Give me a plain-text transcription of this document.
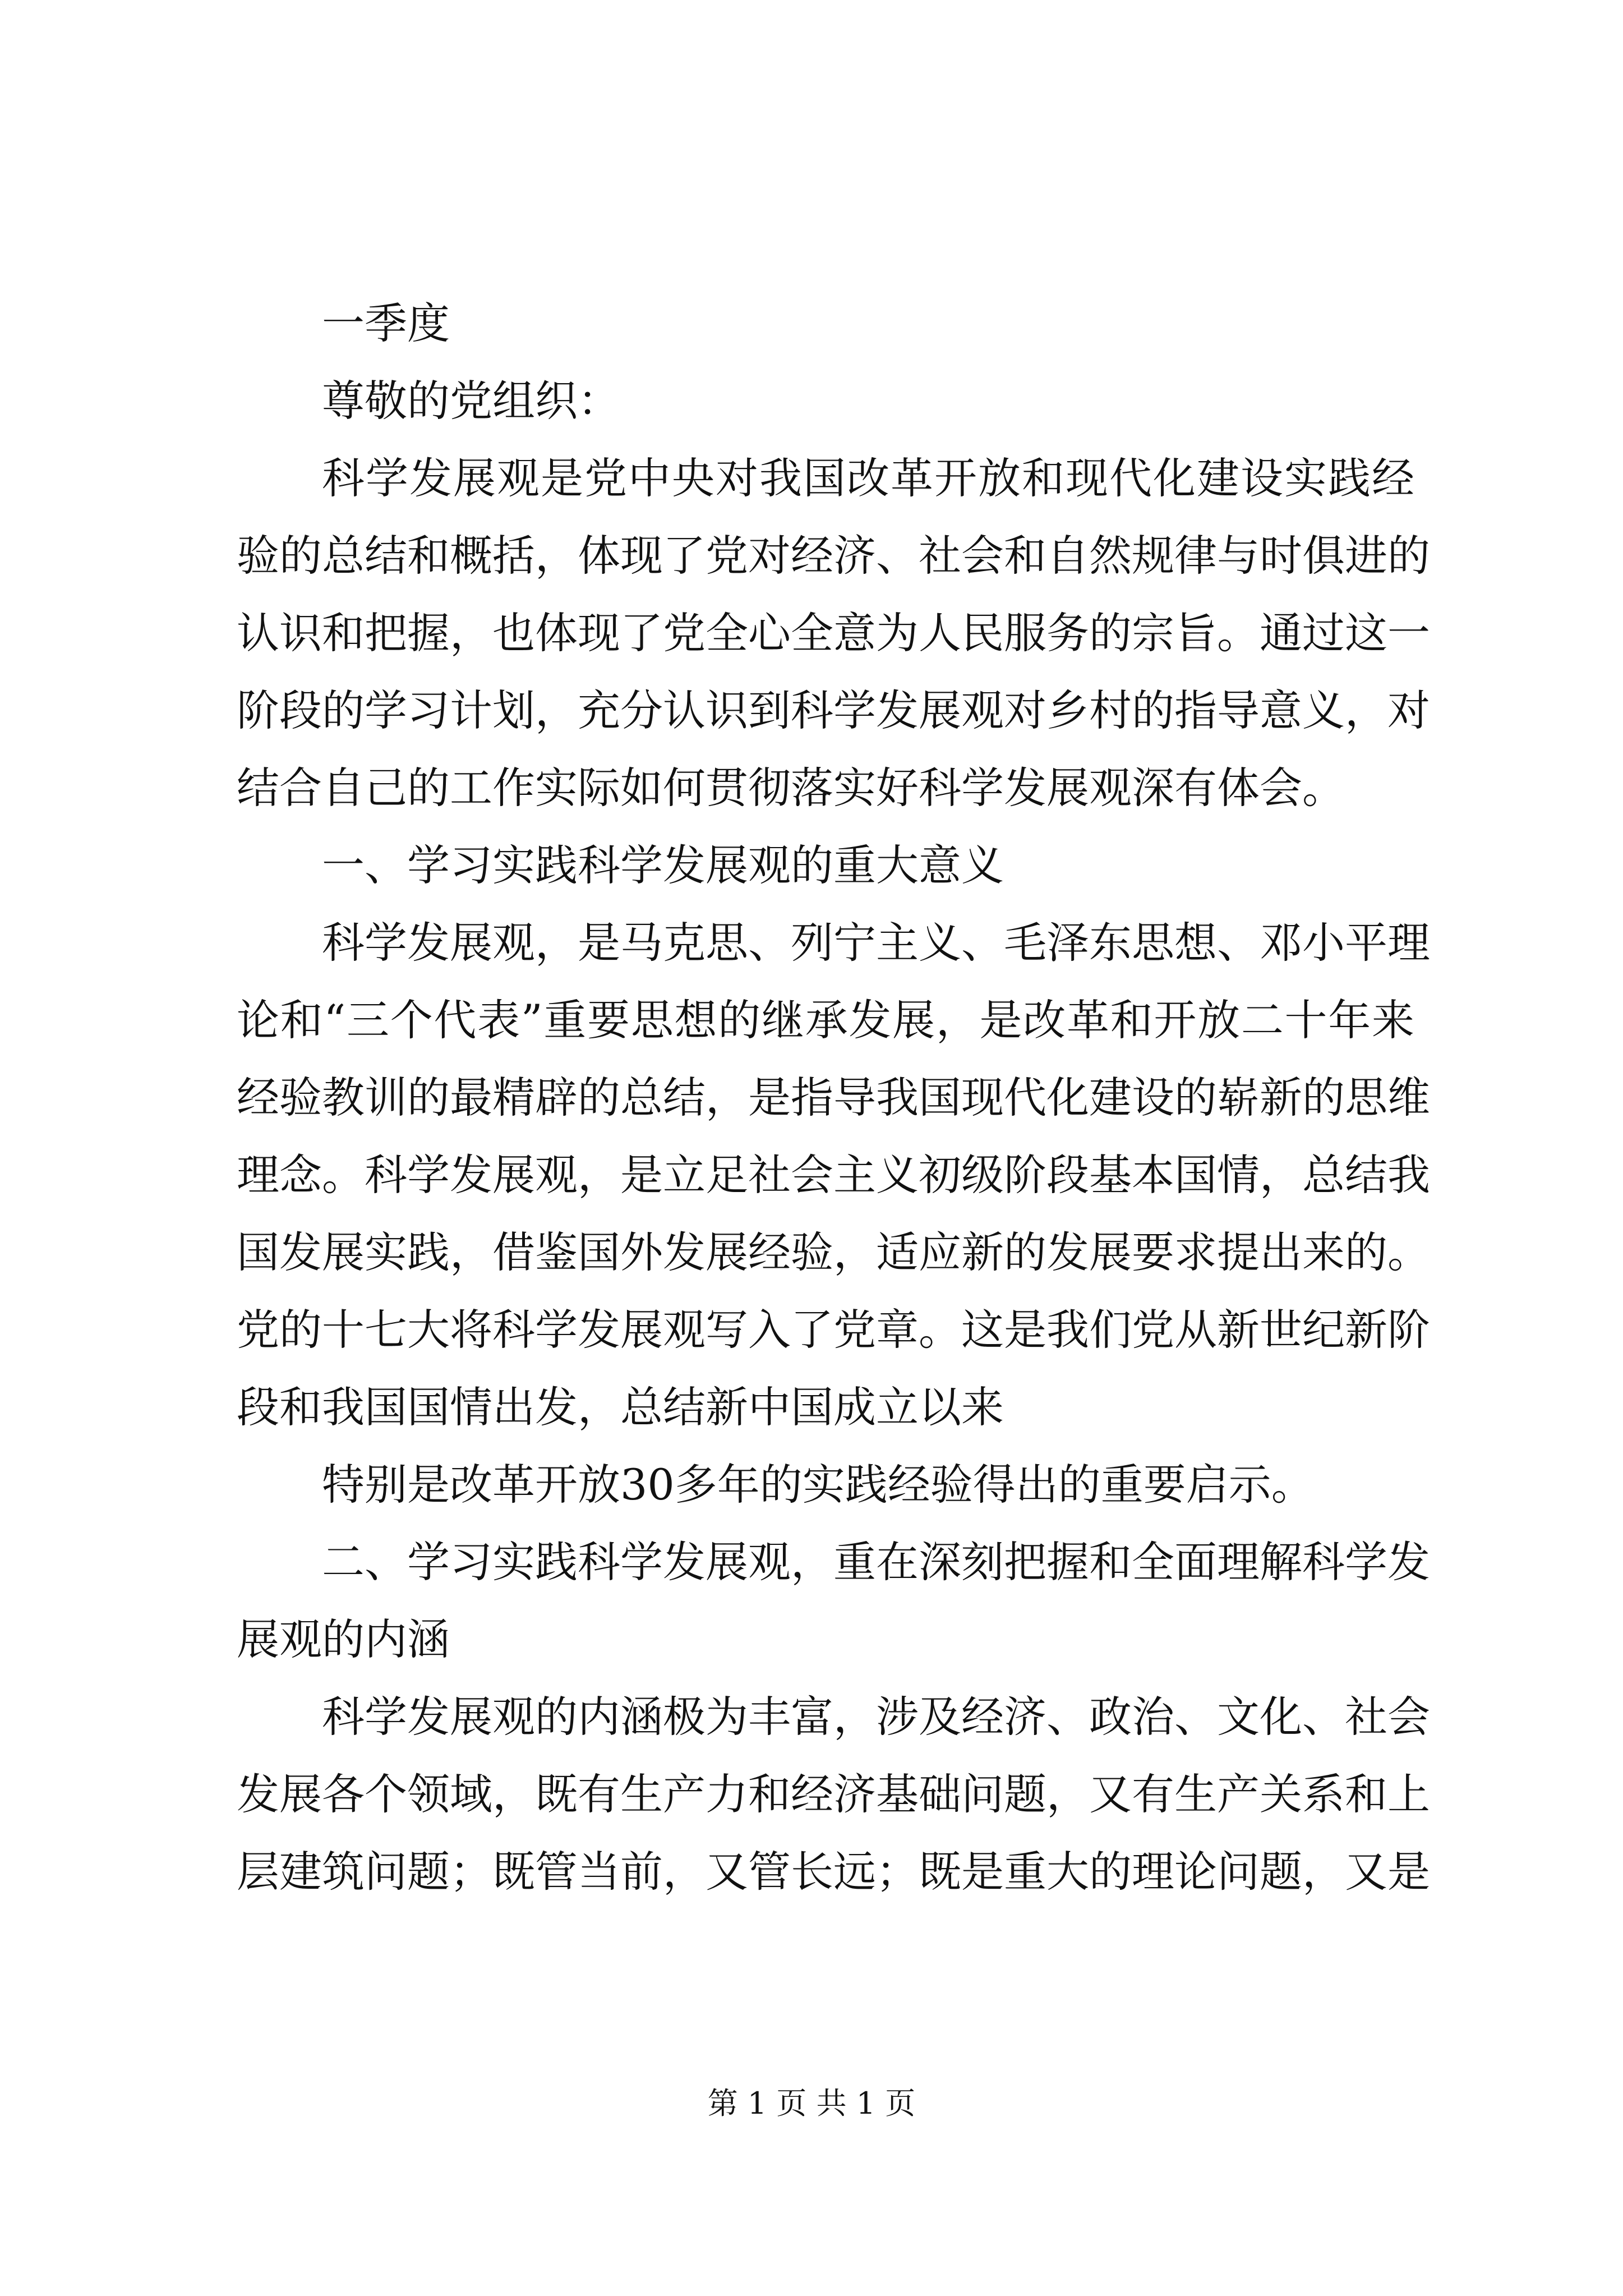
一季度
尊敬的党组织：
科学发展观是党中央对我国改革开放和现代化建设实践经
验的总结和概括，体现了党对经济、社会和自然规律与时俱进的
认识和把握，也体现了党全心全意为人民服务的宗旨。通过这一
阶段的学习计划，充分认识到科学发展观对乡村的指导意义，对
结合自己的工作实际如何贯彻落实好科学发展观深有体会。
一、学习实践科学发展观的重大意义
科学发展观，是马克思、列宁主义、毛泽东思想、邓小平理
论和“三个代表”重要思想的继承发展，是改革和开放二十年来
经验教训的最精辟的总结，是指导我国现代化建设的崭新的思维
理念。科学发展观，是立足社会主义初级阶段基本国情，总结我
国发展实践，借鉴国外发展经验，适应新的发展要求提出来的。
党的十七大将科学发展观写入了党章。这是我们党从新世纪新阶
段和我国国情出发，总结新中国成立以来
特别是改革开放30多年的实践经验得出的重要启示。
二、学习实践科学发展观，重在深刻把握和全面理解科学发
展观的内涵
科学发展观的内涵极为丰富，涉及经济、政治、文化、社会
发展各个领域，既有生产力和经济基础问题，又有生产关系和上
层建筑问题；既管当前，又管长远；既是重大的理论问题，又是
第 1 页 共 1 页
